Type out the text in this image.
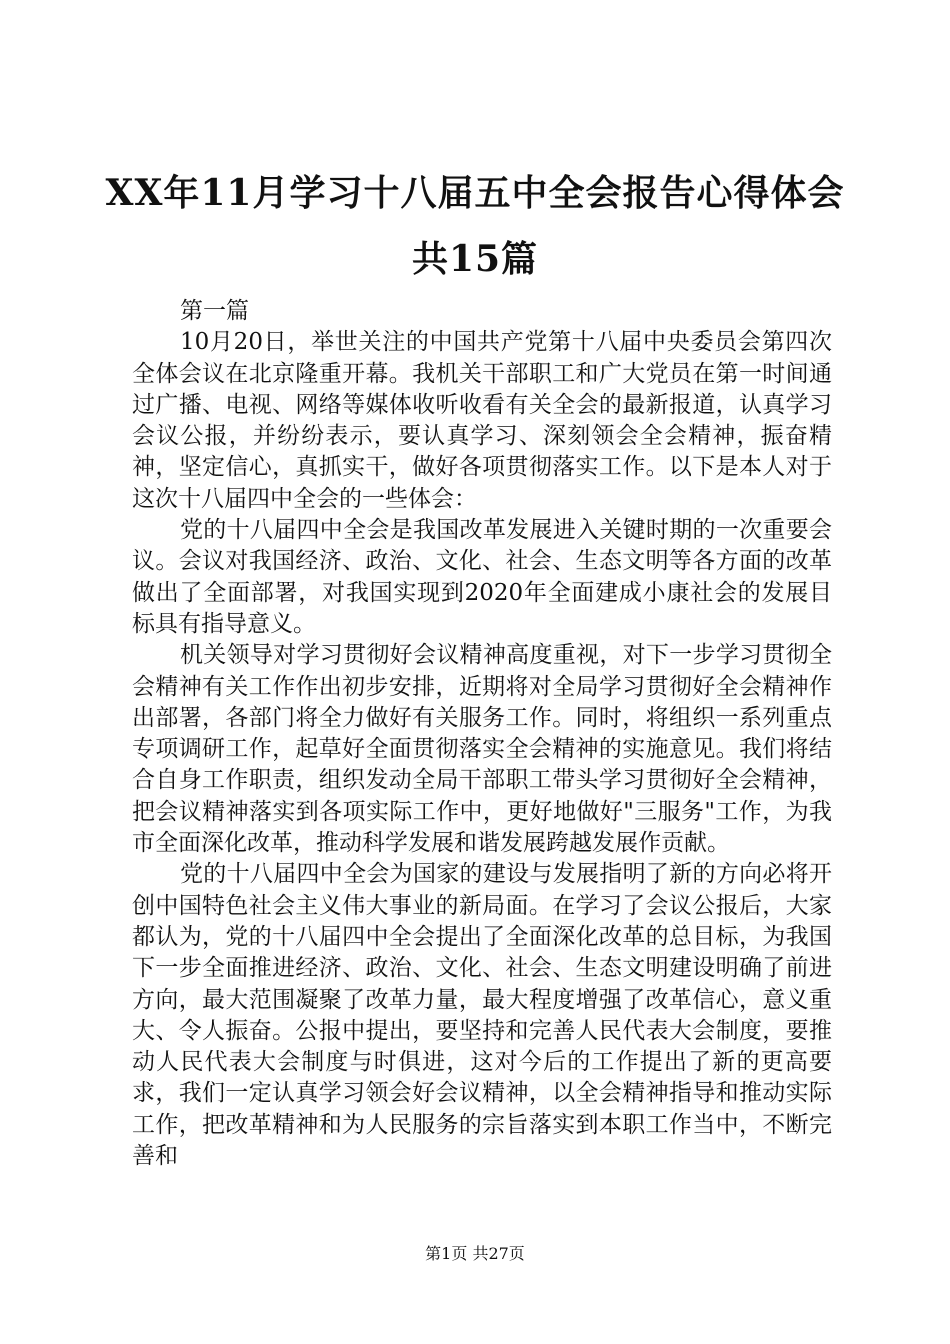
XX年11月学习十八届五中全会报告心得体会共15篇

第一篇

10月20日，举世关注的中国共产党第十八届中央委员会第四次全体会议在北京隆重开幕。我机关干部职工和广大党员在第一时间通过广播、电视、网络等媒体收听收看有关全会的最新报道，认真学习会议公报，并纷纷表示，要认真学习、深刻领会全会精神，振奋精神，坚定信心，真抓实干，做好各项贯彻落实工作。以下是本人对于这次十八届四中全会的一些体会：

党的十八届四中全会是我国改革发展进入关键时期的一次重要会议。会议对我国经济、政治、文化、社会、生态文明等各方面的改革做出了全面部署，对我国实现到2020年全面建成小康社会的发展目标具有指导意义。

机关领导对学习贯彻好会议精神高度重视，对下一步学习贯彻全会精神有关工作作出初步安排，近期将对全局学习贯彻好全会精神作出部署，各部门将全力做好有关服务工作。同时，将组织一系列重点专项调研工作，起草好全面贯彻落实全会精神的实施意见。我们将结合自身工作职责，组织发动全局干部职工带头学习贯彻好全会精神，把会议精神落实到各项实际工作中，更好地做好"三服务"工作，为我市全面深化改革，推动科学发展和谐发展跨越发展作贡献。

党的十八届四中全会为国家的建设与发展指明了新的方向必将开创中国特色社会主义伟大事业的新局面。在学习了会议公报后，大家都认为，党的十八届四中全会提出了全面深化改革的总目标，为我国下一步全面推进经济、政治、文化、社会、生态文明建设明确了前进方向，最大范围凝聚了改革力量，最大程度增强了改革信心，意义重大、令人振奋。公报中提出，要坚持和完善人民代表大会制度，要推动人民代表大会制度与时俱进，这对今后的工作提出了新的更高要求，我们一定认真学习领会好会议精神，以全会精神指导和推动实际工作，把改革精神和为人民服务的宗旨落实到本职工作当中，不断完善和

第1页 共27页
